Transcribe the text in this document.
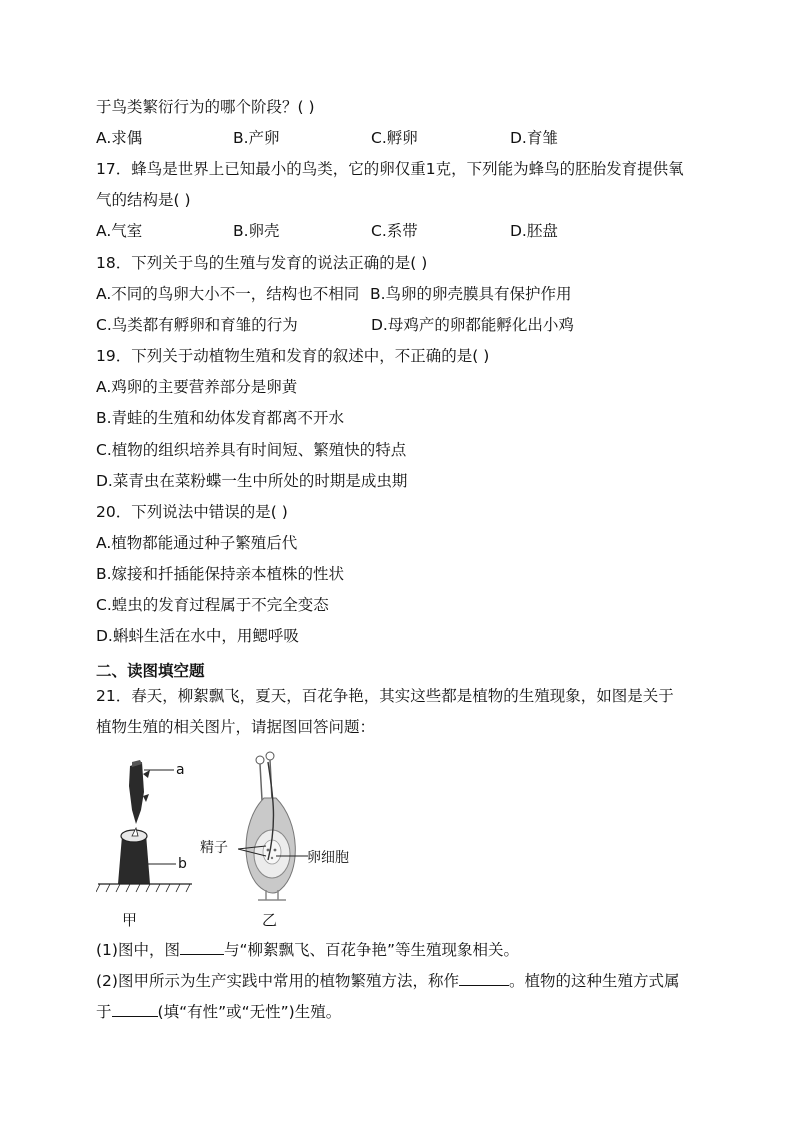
于鸟类繁衍行为的哪个阶段？( )
A.求偶	B.产卵	C.孵卵	D.育雏
17．蜂鸟是世界上已知最小的鸟类，它的卵仅重1克，下列能为蜂鸟的胚胎发育提供氧
气的结构是( )
A.气室	B.卵壳	C.系带	D.胚盘
18．下列关于鸟的生殖与发育的说法正确的是( )
A.不同的鸟卵大小不一，结构也不相同 B.鸟卵的卵壳膜具有保护作用
C.鸟类都有孵卵和育雏的行为	D.母鸡产的卵都能孵化出小鸡
19．下列关于动植物生殖和发育的叙述中，不正确的是( )
A.鸡卵的主要营养部分是卵黄
B.青蛙的生殖和幼体发育都离不开水
C.植物的组织培养具有时间短、繁殖快的特点
D.菜青虫在菜粉蝶一生中所处的时期是成虫期
20．下列说法中错误的是( )
A.植物都能通过种子繁殖后代
B.嫁接和扦插能保持亲本植株的性状
C.蝗虫的发育过程属于不完全变态
D.蝌蚪生活在水中，用鳃呼吸
二、读图填空题
21．春天，柳絮飘飞，夏天，百花争艳，其实这些都是植物的生殖现象，如图是关于
植物生殖的相关图片，请据图回答问题：
a
b
甲
精子
卵细胞
乙
(1)图中，图	与“柳絮飘飞、百花争艳”等生殖现象相关。
(2)图甲所示为生产实践中常用的植物繁殖方法，称作	。植物的这种生殖方式属
于	(填“有性”或“无性”)生殖。
